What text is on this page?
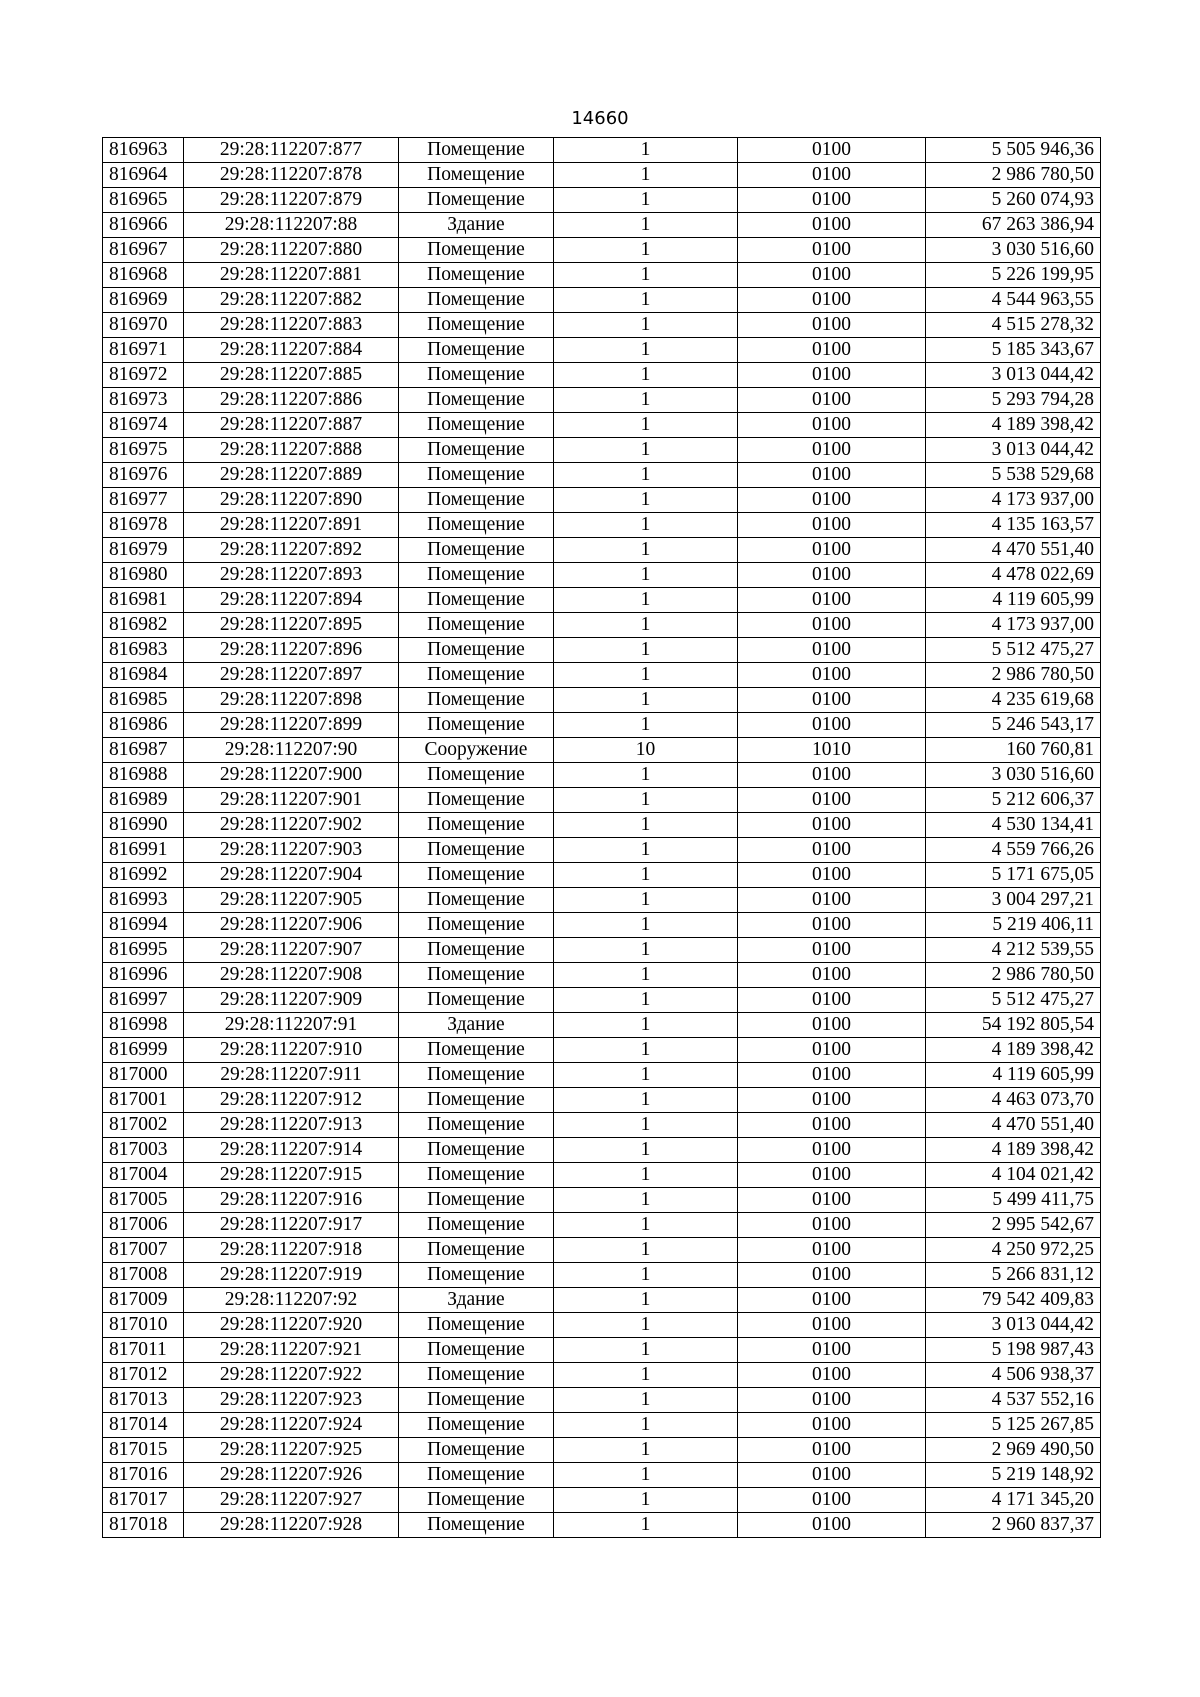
14660
816963	29:28:112207:877	Помещение	1	0100	5 505 946,36
816964	29:28:112207:878	Помещение	1	0100	2 986 780,50
816965	29:28:112207:879	Помещение	1	0100	5 260 074,93
816966	29:28:112207:88	Здание	1	0100	67 263 386,94
816967	29:28:112207:880	Помещение	1	0100	3 030 516,60
816968	29:28:112207:881	Помещение	1	0100	5 226 199,95
816969	29:28:112207:882	Помещение	1	0100	4 544 963,55
816970	29:28:112207:883	Помещение	1	0100	4 515 278,32
816971	29:28:112207:884	Помещение	1	0100	5 185 343,67
816972	29:28:112207:885	Помещение	1	0100	3 013 044,42
816973	29:28:112207:886	Помещение	1	0100	5 293 794,28
816974	29:28:112207:887	Помещение	1	0100	4 189 398,42
816975	29:28:112207:888	Помещение	1	0100	3 013 044,42
816976	29:28:112207:889	Помещение	1	0100	5 538 529,68
816977	29:28:112207:890	Помещение	1	0100	4 173 937,00
816978	29:28:112207:891	Помещение	1	0100	4 135 163,57
816979	29:28:112207:892	Помещение	1	0100	4 470 551,40
816980	29:28:112207:893	Помещение	1	0100	4 478 022,69
816981	29:28:112207:894	Помещение	1	0100	4 119 605,99
816982	29:28:112207:895	Помещение	1	0100	4 173 937,00
816983	29:28:112207:896	Помещение	1	0100	5 512 475,27
816984	29:28:112207:897	Помещение	1	0100	2 986 780,50
816985	29:28:112207:898	Помещение	1	0100	4 235 619,68
816986	29:28:112207:899	Помещение	1	0100	5 246 543,17
816987	29:28:112207:90	Сооружение	10	1010	160 760,81
816988	29:28:112207:900	Помещение	1	0100	3 030 516,60
816989	29:28:112207:901	Помещение	1	0100	5 212 606,37
816990	29:28:112207:902	Помещение	1	0100	4 530 134,41
816991	29:28:112207:903	Помещение	1	0100	4 559 766,26
816992	29:28:112207:904	Помещение	1	0100	5 171 675,05
816993	29:28:112207:905	Помещение	1	0100	3 004 297,21
816994	29:28:112207:906	Помещение	1	0100	5 219 406,11
816995	29:28:112207:907	Помещение	1	0100	4 212 539,55
816996	29:28:112207:908	Помещение	1	0100	2 986 780,50
816997	29:28:112207:909	Помещение	1	0100	5 512 475,27
816998	29:28:112207:91	Здание	1	0100	54 192 805,54
816999	29:28:112207:910	Помещение	1	0100	4 189 398,42
817000	29:28:112207:911	Помещение	1	0100	4 119 605,99
817001	29:28:112207:912	Помещение	1	0100	4 463 073,70
817002	29:28:112207:913	Помещение	1	0100	4 470 551,40
817003	29:28:112207:914	Помещение	1	0100	4 189 398,42
817004	29:28:112207:915	Помещение	1	0100	4 104 021,42
817005	29:28:112207:916	Помещение	1	0100	5 499 411,75
817006	29:28:112207:917	Помещение	1	0100	2 995 542,67
817007	29:28:112207:918	Помещение	1	0100	4 250 972,25
817008	29:28:112207:919	Помещение	1	0100	5 266 831,12
817009	29:28:112207:92	Здание	1	0100	79 542 409,83
817010	29:28:112207:920	Помещение	1	0100	3 013 044,42
817011	29:28:112207:921	Помещение	1	0100	5 198 987,43
817012	29:28:112207:922	Помещение	1	0100	4 506 938,37
817013	29:28:112207:923	Помещение	1	0100	4 537 552,16
817014	29:28:112207:924	Помещение	1	0100	5 125 267,85
817015	29:28:112207:925	Помещение	1	0100	2 969 490,50
817016	29:28:112207:926	Помещение	1	0100	5 219 148,92
817017	29:28:112207:927	Помещение	1	0100	4 171 345,20
817018	29:28:112207:928	Помещение	1	0100	2 960 837,37
